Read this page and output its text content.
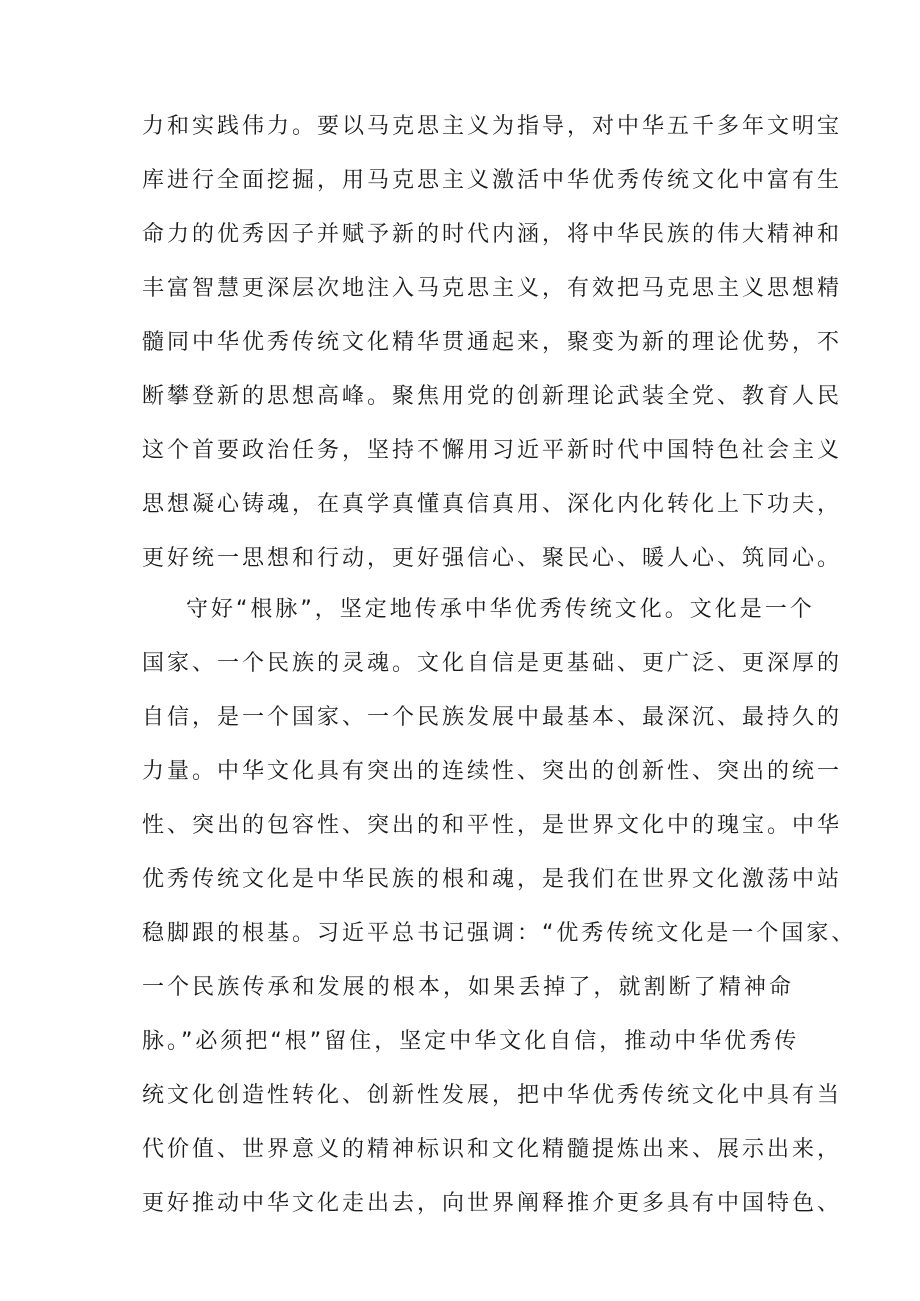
力和实践伟力。要以马克思主义为指导，对中华五千多年文明宝
库进行全面挖掘，用马克思主义激活中华优秀传统文化中富有生
命力的优秀因子并赋予新的时代内涵，将中华民族的伟大精神和
丰富智慧更深层次地注入马克思主义，有效把马克思主义思想精
髓同中华优秀传统文化精华贯通起来，聚变为新的理论优势，不
断攀登新的思想高峰。聚焦用党的创新理论武装全党、教育人民
这个首要政治任务，坚持不懈用习近平新时代中国特色社会主义
思想凝心铸魂，在真学真懂真信真用、深化内化转化上下功夫，
更好统一思想和行动，更好强信心、聚民心、暖人心、筑同心。
守好“根脉”，坚定地传承中华优秀传统文化。文化是一个
国家、一个民族的灵魂。文化自信是更基础、更广泛、更深厚的
自信，是一个国家、一个民族发展中最基本、最深沉、最持久的
力量。中华文化具有突出的连续性、突出的创新性、突出的统一
性、突出的包容性、突出的和平性，是世界文化中的瑰宝。中华
优秀传统文化是中华民族的根和魂，是我们在世界文化激荡中站
稳脚跟的根基。习近平总书记强调：“优秀传统文化是一个国家、
一个民族传承和发展的根本，如果丢掉了，就割断了精神命
脉。”必须把“根”留住，坚定中华文化自信，推动中华优秀传
统文化创造性转化、创新性发展，把中华优秀传统文化中具有当
代价值、世界意义的精神标识和文化精髓提炼出来、展示出来，
更好推动中华文化走出去，向世界阐释推介更多具有中国特色、
